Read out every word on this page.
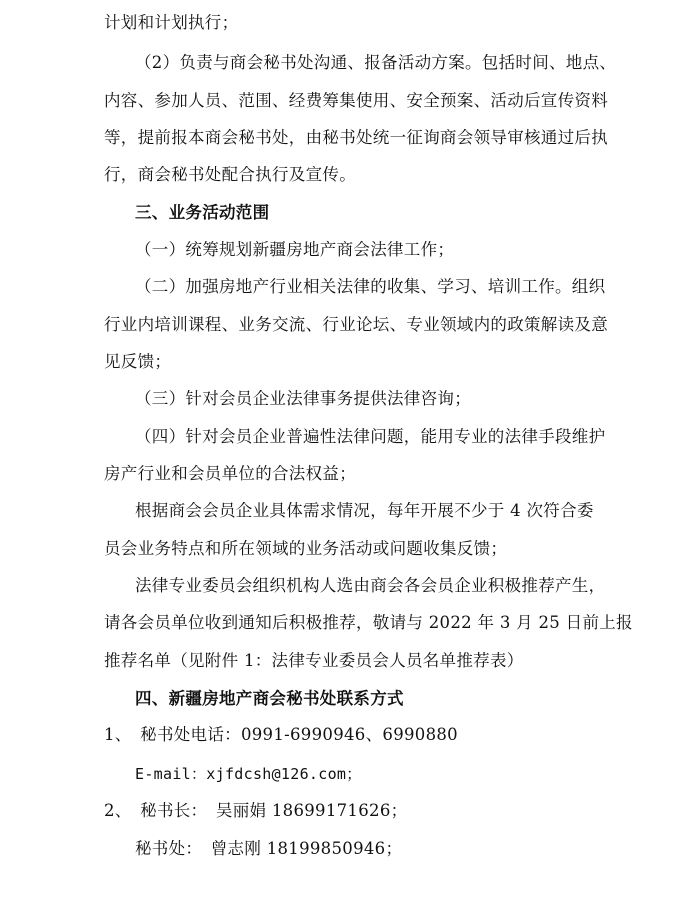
计划和计划执行；
（2）负责与商会秘书处沟通、报备活动方案。包括时间、地点、
内容、参加人员、范围、经费筹集使用、安全预案、活动后宣传资料
等，提前报本商会秘书处，由秘书处统一征询商会领导审核通过后执
行，商会秘书处配合执行及宣传。
三、业务活动范围
（一）统筹规划新疆房地产商会法律工作；
（二）加强房地产行业相关法律的收集、学习、培训工作。组织
行业内培训课程、业务交流、行业论坛、专业领域内的政策解读及意
见反馈；
（三）针对会员企业法律事务提供法律咨询；
（四）针对会员企业普遍性法律问题，能用专业的法律手段维护
房产行业和会员单位的合法权益；
根据商会会员企业具体需求情况，每年开展不少于 4 次符合委
员会业务特点和所在领域的业务活动或问题收集反馈；
法律专业委员会组织机构人选由商会各会员企业积极推荐产生，
请各会员单位收到通知后积极推荐，敬请与 2022 年 3 月 25 日前上报
推荐名单（见附件 1：法律专业委员会人员名单推荐表）
四、新疆房地产商会秘书处联系方式
1、　秘书处电话：0991-6990946、6990880
E-mail：xjfdcsh@126.com；
2、　秘书长：　吴丽娟 18699171626；
秘书处：　曾志刚 18199850946；
